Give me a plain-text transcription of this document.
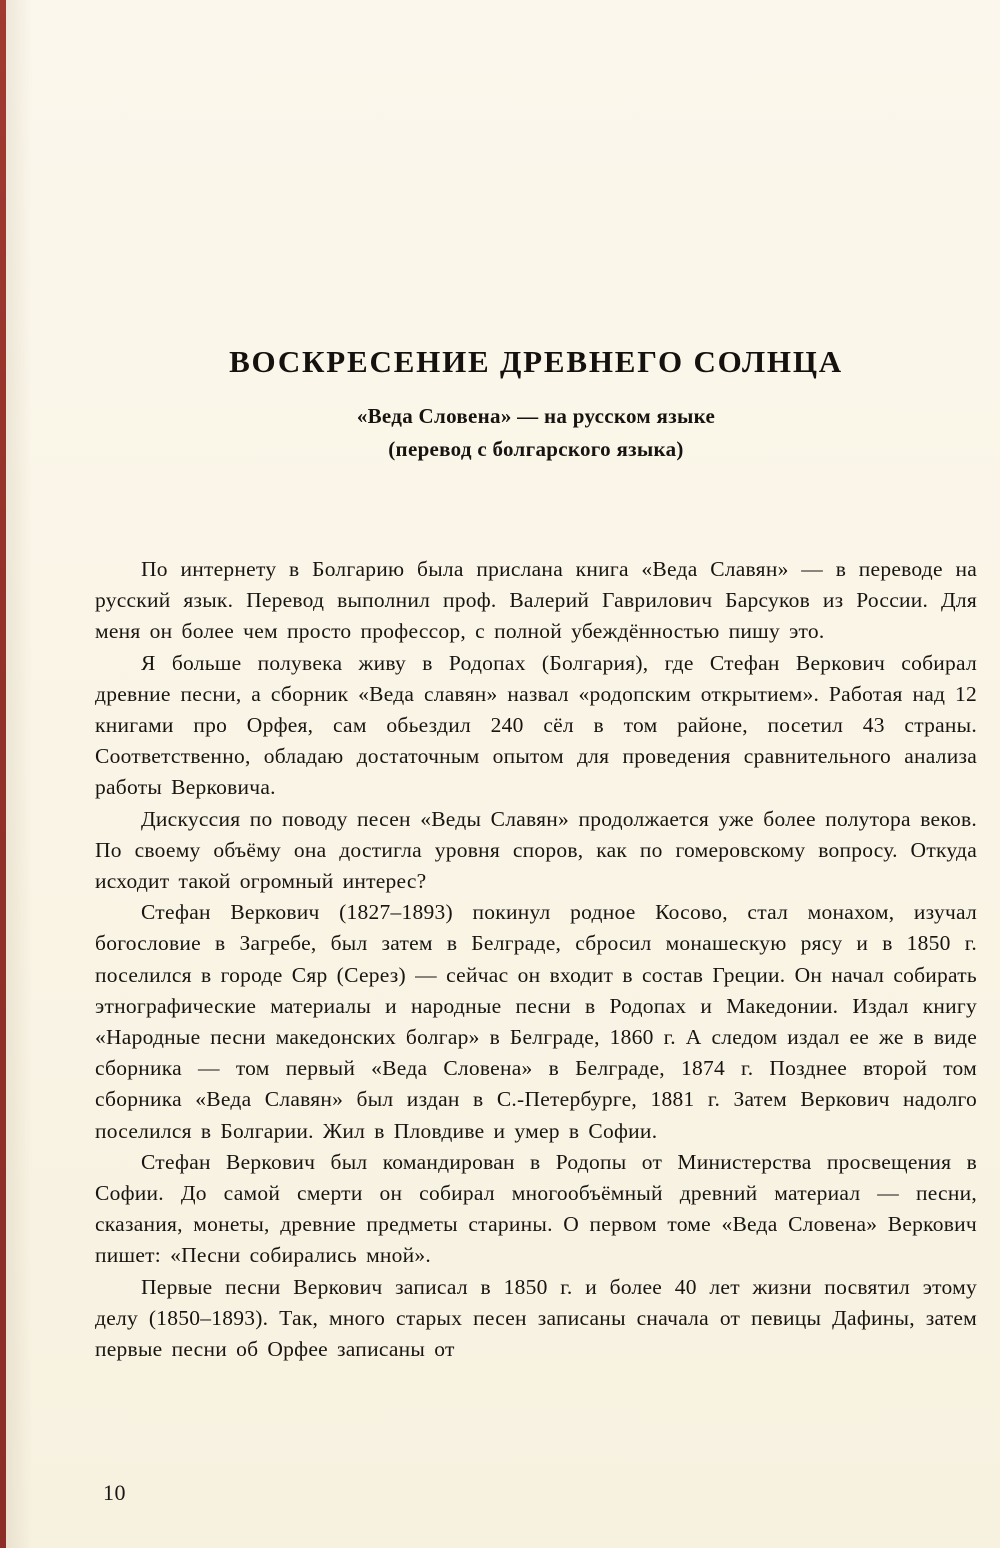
ВОСКРЕСЕНИЕ ДРЕВНЕГО СОЛНЦА
«Веда Словена» — на русском языке
(перевод с болгарского языка)

По интернету в Болгарию была прислана книга «Веда Славян» — в переводе на русский язык. Перевод выполнил проф. Валерий Гаврилович Барсуков из России. Для меня он более чем просто профессор, с полной убеждённостью пишу это.

Я больше полувека живу в Родопах (Болгария), где Стефан Веркович собирал древние песни, а сборник «Веда славян» назвал «родопским открытием». Работая над 12 книгами про Орфея, сам обьездил 240 сёл в том районе, посетил 43 страны. Соответственно, обладаю достаточным опытом для проведения сравнительного анализа работы Верковича.

Дискуссия по поводу песен «Веды Славян» продолжается уже более полутора веков. По своему объёму она достигла уровня споров, как по гомеровскому вопросу. Откуда исходит такой огромный интерес?

Стефан Веркович (1827–1893) покинул родное Косово, стал монахом, изучал богословие в Загребе, был затем в Белграде, сбросил монашескую рясу и в 1850 г. поселился в городе Сяр (Серез) — сейчас он входит в состав Греции. Он начал собирать этнографические материалы и народные песни в Родопах и Македонии. Издал книгу «Народные песни македонских болгар» в Белграде, 1860 г. А следом издал ее же в виде сборника — том первый «Веда Словена» в Белграде, 1874 г. Позднее второй том сборника «Веда Славян» был издан в С.-Петербурге, 1881 г. Затем Веркович надолго поселился в Болгарии. Жил в Пловдиве и умер в Софии.

Стефан Веркович был командирован в Родопы от Министерства просвещения в Софии. До самой смерти он собирал многообъёмный древний материал — песни, сказания, монеты, древние предметы старины. О первом томе «Веда Словена» Веркович пишет: «Песни собирались мной».

Первые песни Веркович записал в 1850 г. и более 40 лет жизни посвятил этому делу (1850–1893). Так, много старых песен записаны сначала от певицы Дафины, затем первые песни об Орфее записаны от

10
